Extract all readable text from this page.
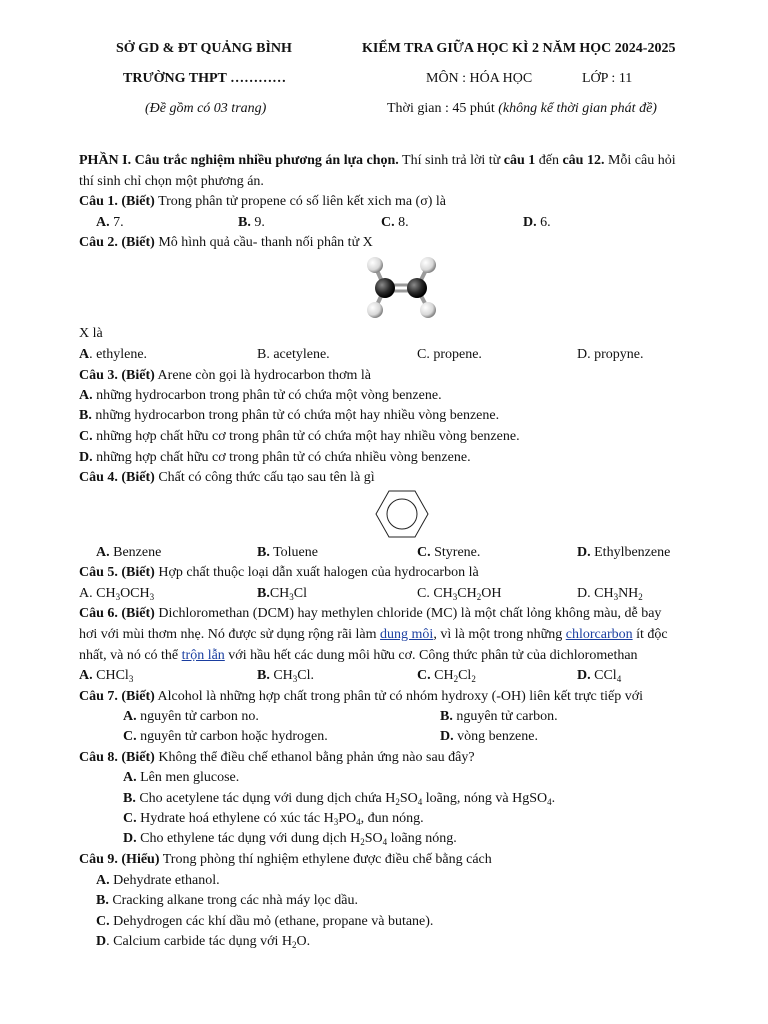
SỞ GD & ĐT QUẢNG BÌNH
TRƯỜNG THPT …………
(Đề gồm có 03 trang)
KIỂM TRA GIỮA HỌC KÌ 2 NĂM HỌC 2024-2025
MÔN : HÓA HỌC	LỚP : 11
Thời gian : 45 phút (không kể thời gian phát đề)
PHẦN I. Câu trắc nghiệm nhiều phương án lựa chọn. Thí sinh trả lời từ câu 1 đến câu 12. Mỗi câu hỏi
thí sinh chỉ chọn một phương án.
Câu 1. (Biết) Trong phân tử propene có số liên kết xich ma (σ) là
A. 7.	B. 9.	C. 8.	D. 6.
Câu 2. (Biết) Mô hình quả cầu- thanh nối phân tử X
X là
A. ethylene.	B. acetylene.	C. propene.	D. propyne.
Câu 3. (Biết) Arene còn gọi là hydrocarbon thơm là
A. những hydrocarbon trong phân tử có chứa một vòng benzene.
B. những hydrocarbon trong phân tử có chứa một hay nhiều vòng benzene.
C. những hợp chất hữu cơ trong phân tử có chứa một hay nhiều vòng benzene.
D. những hợp chất hữu cơ trong phân tử có chứa nhiều vòng benzene.
Câu 4. (Biết) Chất có công thức cấu tạo sau tên là gì
A. Benzene	B. Toluene	C. Styrene.	D. Ethylbenzene
Câu 5. (Biết) Hợp chất thuộc loại dẫn xuất halogen của hydrocarbon là
A. $CH_3OCH_3$	$B.CH_3Cl$	C. $CH_3CH_2OH$	D. $CH_3NH_2$
Câu 6. (Biết) Dichloromethan (DCM) hay methylen chloride (MC) là một chất lỏng không màu, dễ bay
hơi với mùi thơm nhẹ. Nó được sử dụng rộng rãi làm dung môi, vì là một trong những chlorcarbon ít độc
nhất, và nó có thể trộn lẫn với hầu hết các dung môi hữu cơ. Công thức phân tử của dichloromethan
A. CHCl$_3$	B. $CH_3Cl$.	C. $CH_2Cl_2$	D. CCl$_4$
Câu 7. (Biết) Alcohol là những hợp chất trong phân tử có nhóm hydroxy (-OH) liên kết trực tiếp với
A. nguyên tử carbon no.	B. nguyên tử carbon.
C. nguyên tử carbon hoặc hydrogen.	D. vòng benzene.
Câu 8. (Biết) Không thể điều chế ethanol bằng phản ứng nào sau đây?
A. Lên men glucose.
B. Cho acetylene tác dụng với dung dịch chứa $H_2SO_4$ loãng, nóng và HgSO$_4$.
C. Hydrate hoá ethylene có xúc tác $H_3PO_4$, đun nóng.
D. Cho ethylene tác dụng với dung dịch $H_2SO_4$ loãng nóng.
Câu 9. (Hiểu) Trong phòng thí nghiệm ethylene được điều chế bằng cách
A. Dehydrate ethanol.
B. Cracking alkane trong các nhà máy lọc dầu.
C. Dehydrogen các khí dầu mỏ (ethane, propane và butane).
D. Calcium carbide tác dụng với $H_2O$.
